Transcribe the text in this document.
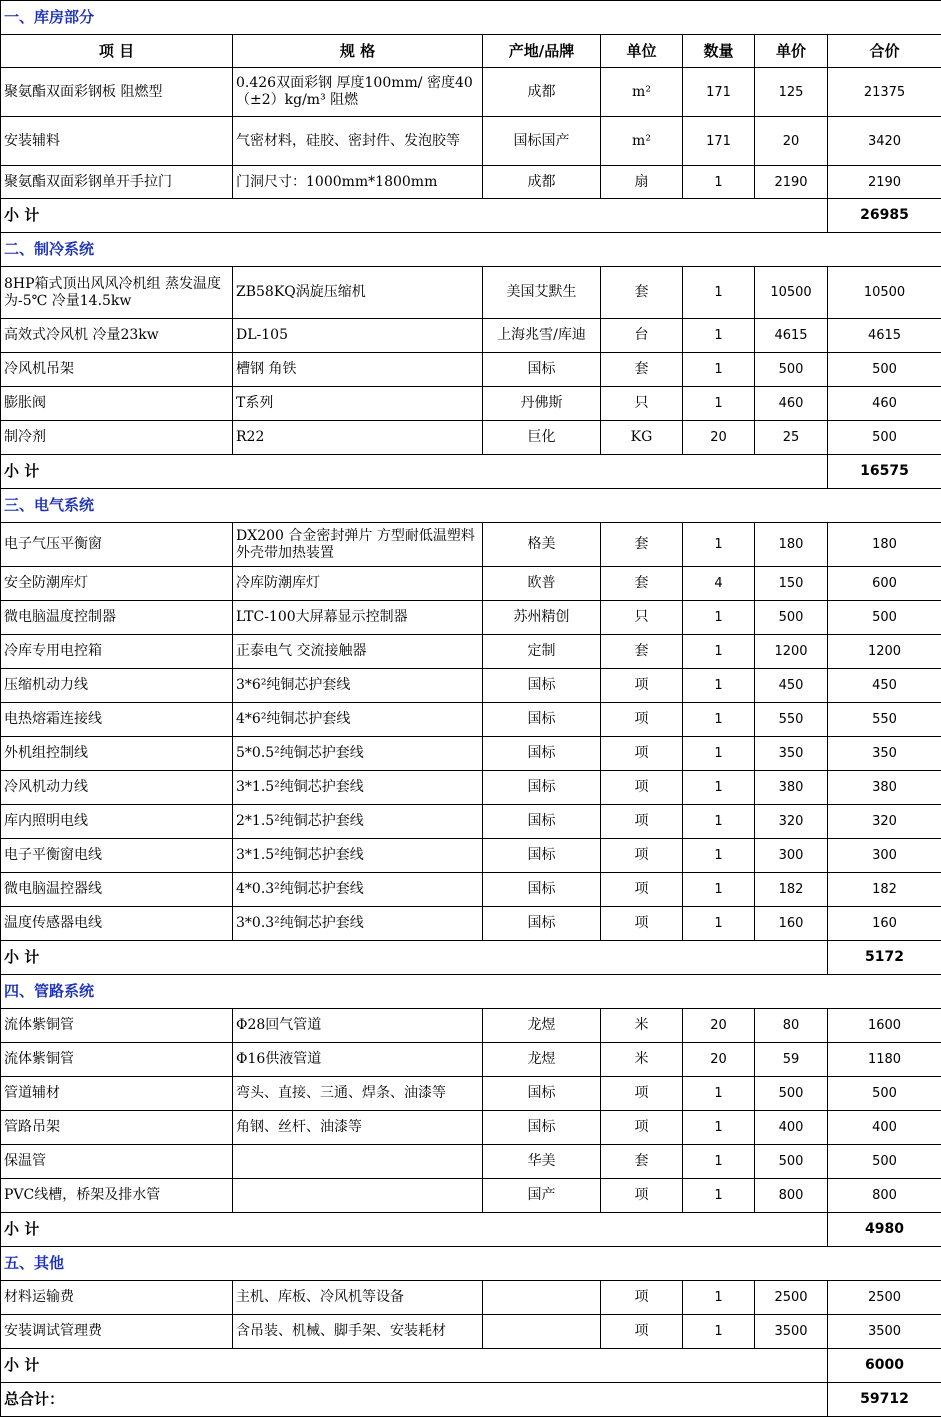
一、库房部分						
项 目	规 格	产地/品牌	单位	数量	单价	合价
聚氨酯双面彩钢板 阻燃型	0.426双面彩钢 厚度100mm/ 密度40（±2）kg/m³ 阻燃	成都	m²	171	125	21375
安装辅料	气密材料，硅胶、密封件、发泡胶等	国标国产	m²	171	20	3420
聚氨酯双面彩钢单开手拉门	门洞尺寸：1000mm*1800mm	成都	扇	1	2190	2190
小 计						26985
二、制冷系统						
8HP箱式顶出风风冷机组 蒸发温度为-5℃ 冷量14.5kw	ZB58KQ涡旋压缩机	美国艾默生	套	1	10500	10500
高效式冷风机 冷量23kw	DL-105	上海兆雪/库迪	台	1	4615	4615
冷风机吊架	槽钢 角铁	国标	套	1	500	500
膨胀阀	T系列	丹佛斯	只	1	460	460
制冷剂	R22	巨化	KG	20	25	500
小 计						16575
三、电气系统						
电子气压平衡窗	DX200 合金密封弹片 方型耐低温塑料外壳带加热装置	格美	套	1	180	180
安全防潮库灯	冷库防潮库灯	欧普	套	4	150	600
微电脑温度控制器	LTC-100大屏幕显示控制器	苏州精创	只	1	500	500
冷库专用电控箱	正泰电气 交流接触器	定制	套	1	1200	1200
压缩机动力线	3*6²纯铜芯护套线	国标	项	1	450	450
电热熔霜连接线	4*6²纯铜芯护套线	国标	项	1	550	550
外机组控制线	5*0.5²纯铜芯护套线	国标	项	1	350	350
冷风机动力线	3*1.5²纯铜芯护套线	国标	项	1	380	380
库内照明电线	2*1.5²纯铜芯护套线	国标	项	1	320	320
电子平衡窗电线	3*1.5²纯铜芯护套线	国标	项	1	300	300
微电脑温控器线	4*0.3²纯铜芯护套线	国标	项	1	182	182
温度传感器电线	3*0.3²纯铜芯护套线	国标	项	1	160	160
小 计						5172
四、管路系统						
流体紫铜管	Φ28回气管道	龙煜	米	20	80	1600
流体紫铜管	Φ16供液管道	龙煜	米	20	59	1180
管道辅材	弯头、直接、三通、焊条、油漆等	国标	项	1	500	500
管路吊架	角钢、丝杆、油漆等	国标	项	1	400	400
保温管		华美	套	1	500	500
PVC线槽，桥架及排水管		国产	项	1	800	800
小 计						4980
五、其他						
材料运输费	主机、库板、冷风机等设备		项	1	2500	2500
安装调试管理费	含吊装、机械、脚手架、安装耗材		项	1	3500	3500
小 计						6000
总合计：						59712
